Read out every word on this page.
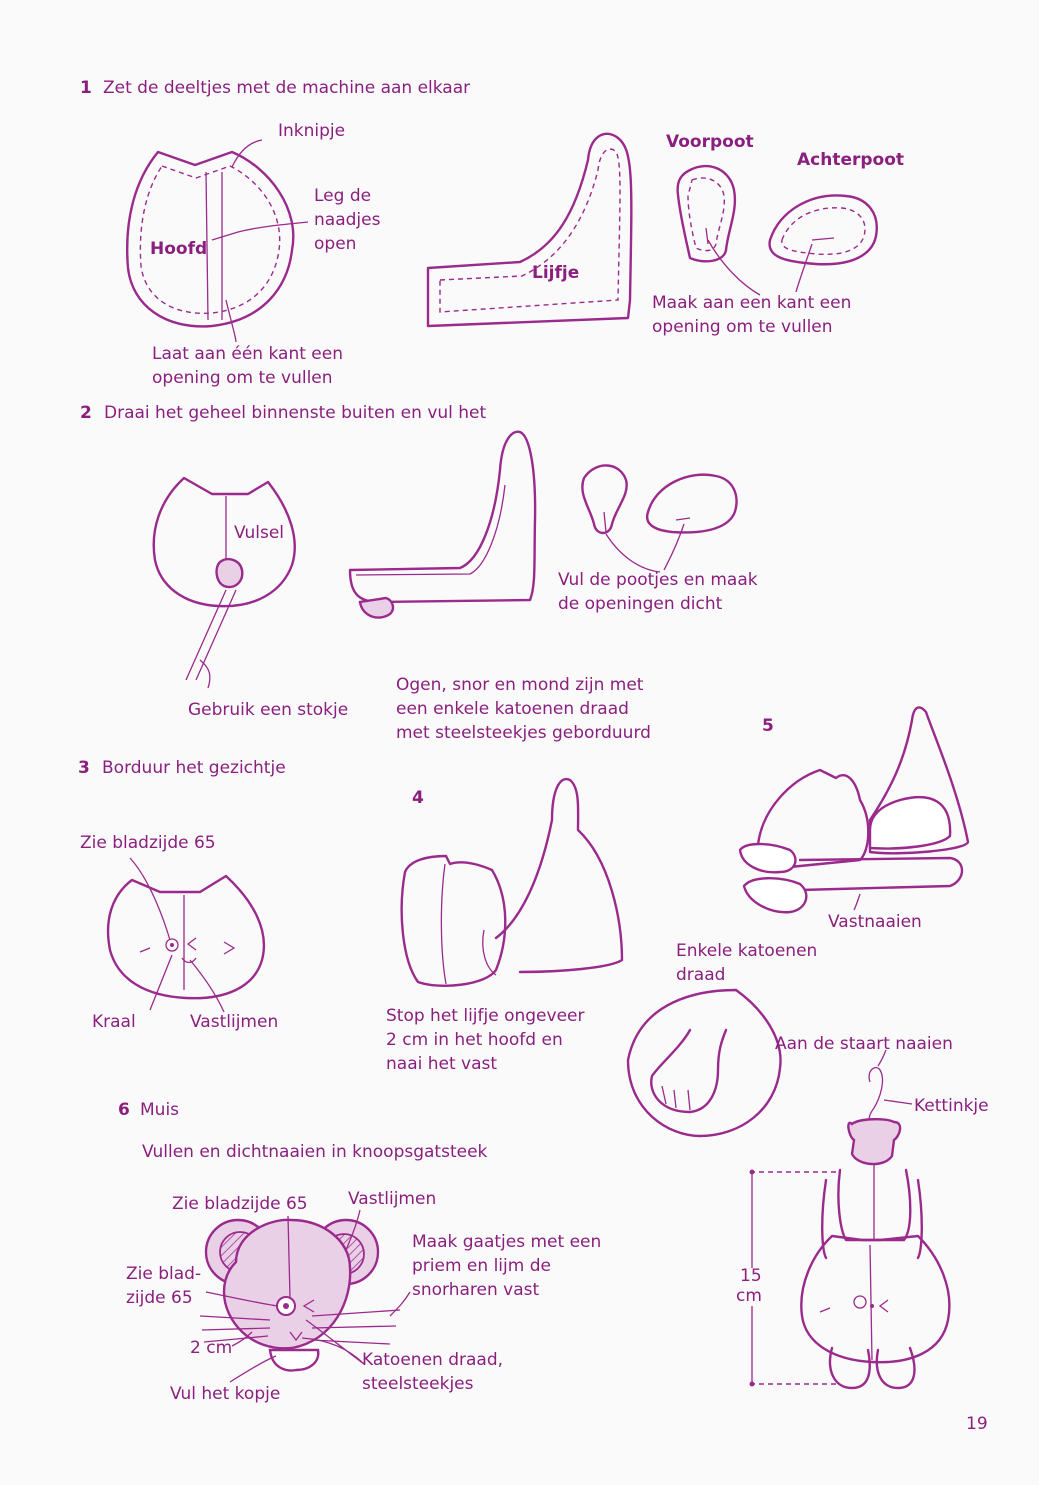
1 Zet de deeltjes met de machine aan elkaar
Inknipje
Leg de
naadjes
open
Hoofd
Lijfje
Voorpoot
Achterpoot
Maak aan een kant een
opening om te vullen
Laat aan één kant een
opening om te vullen
2 Draai het geheel binnenste buiten en vul het
Vulsel
Gebruik een stokje
Vul de pootjes en maak
de openingen dicht
Ogen, snor en mond zijn met
een enkele katoenen draad
met steelsteekjes geborduurd
3 Borduur het gezichtje
5
4
Zie bladzijde 65
Kraal	Vastlijmen	Stop het lijfje ongeveer
2 cm in het hoofd en
naai het vast
Vastnaaien
Enkele katoenen
draad
Aan de staart naaien
Kettinkje
6 Muis
Vullen en dichtnaaien in knoopsgatsteek
Zie bladzijde 65 Vastlijmen
Zie blad-
zijde 65
Maak gaatjes met een
priem en lijm de
snorharen vast
2 cm
Katoenen draad,
steelsteekjes
Vul het kopje
15
cm
19
